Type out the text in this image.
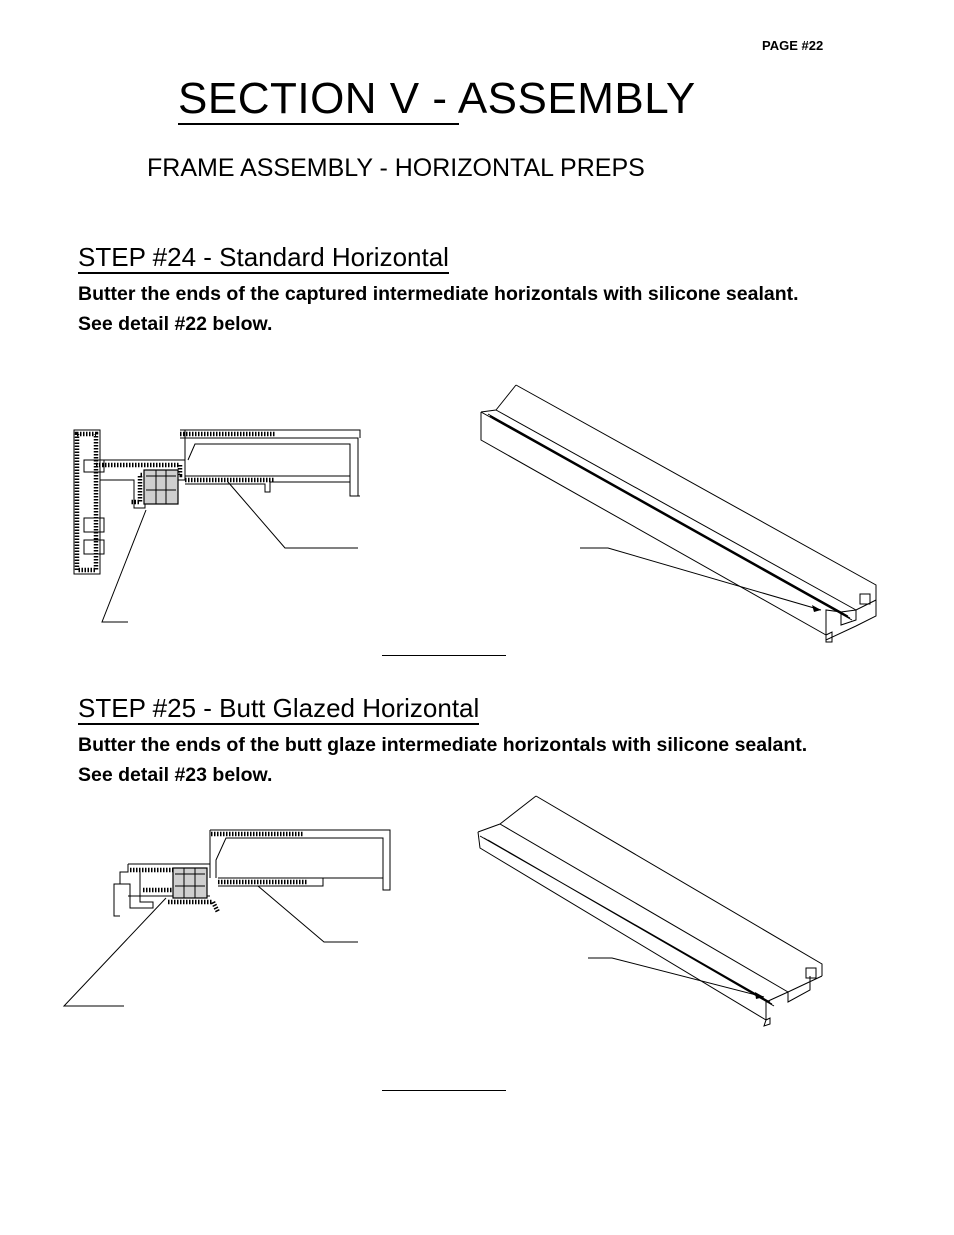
PAGE #22
SECTION V - ASSEMBLY
FRAME ASSEMBLY - HORIZONTAL PREPS
STEP #24 - Standard Horizontal
Butter the ends of the captured intermediate horizontals with silicone sealant.
See detail #22 below.
STEP #25 - Butt Glazed Horizontal
Butter the ends of the butt glaze intermediate horizontals with silicone sealant.
See detail #23 below.
